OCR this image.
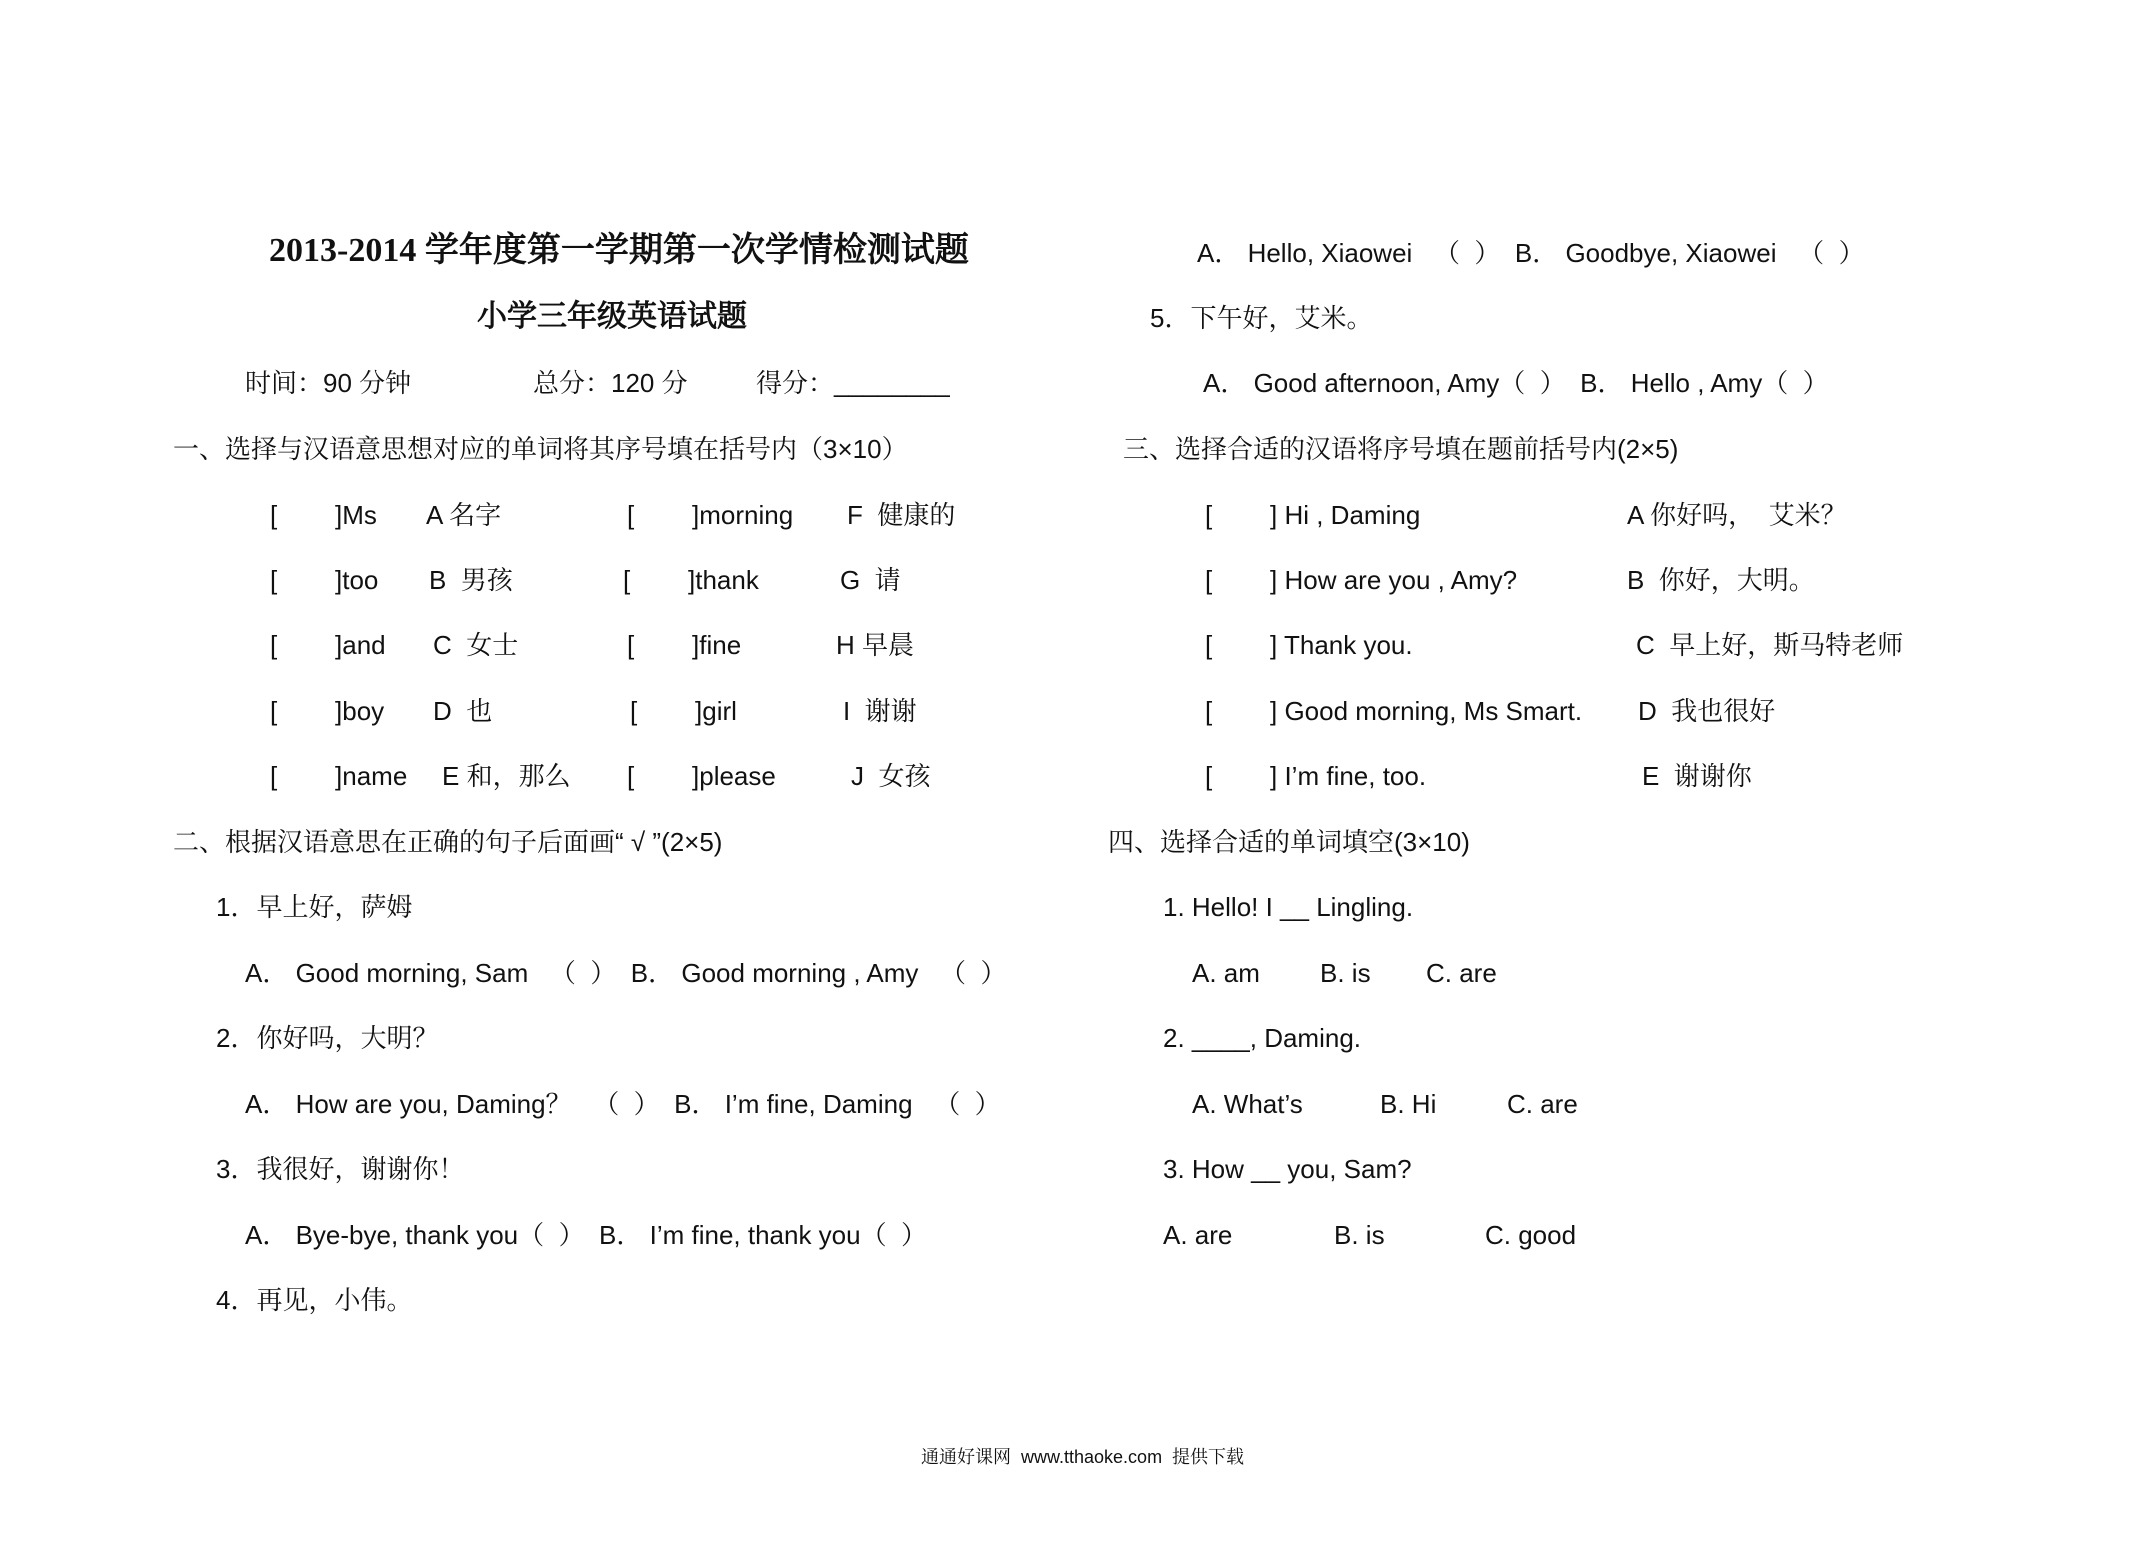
2013-2014 学年度第一学期第一次学情检测试题
小学三年级英语试题
时间：90 分钟	总分：120 分	得分：________
一、选择与汉语意思想对应的单词将其序号填在括号内（3×10）
[        ]Ms A 名字	[        ]morning F  健康的
[        ]too B  男孩	[        ]thank	G  请
[        ]and C  女士	[        ]fine	H 早晨
[        ]boy D  也	[        ]girl	I  谢谢
[        ]name E 和，那么 [        ]please	J  女孩
二、根据汉语意思在正确的句子后面画“ √ ”(2×5)
1．早上好，萨姆
A． Good morning, Sam   （  ）  B． Good morning , Amy   （  ）
2．你好吗，大明？
A． How are you, Daming？   （  ）  B． I’m fine, Daming   （  ）
3．我很好，谢谢你！
A． Bye-bye, thank you（  ）  B． I’m fine, thank you（  ）
4．再见，小伟。
A． Hello, Xiaowei   （  ）  B． Goodbye, Xiaowei   （  ）
5．下午好，艾米。
A． Good afternoon, Amy（  ）  B． Hello , Amy（  ）
三、选择合适的汉语将序号填在题前括号内(2×5)
[        ] Hi , Daming	A 你好吗，  艾米？
[        ] How are you , Amy?	B  你好，大明。
[        ] Thank you.	C  早上好，斯马特老师
[        ] Good morning, Ms Smart. D  我也很好
[        ] I’m fine, too.	E  谢谢你
四、选择合适的单词填空(3×10)
1. Hello! I __ Lingling.
A. am B. is C. are
2. ____, Daming.
A. What’s	B. Hi	C. are
3. How __ you, Sam?
A. are	B. is	C. good
通通好课网  www.tthaoke.com  提供下载
